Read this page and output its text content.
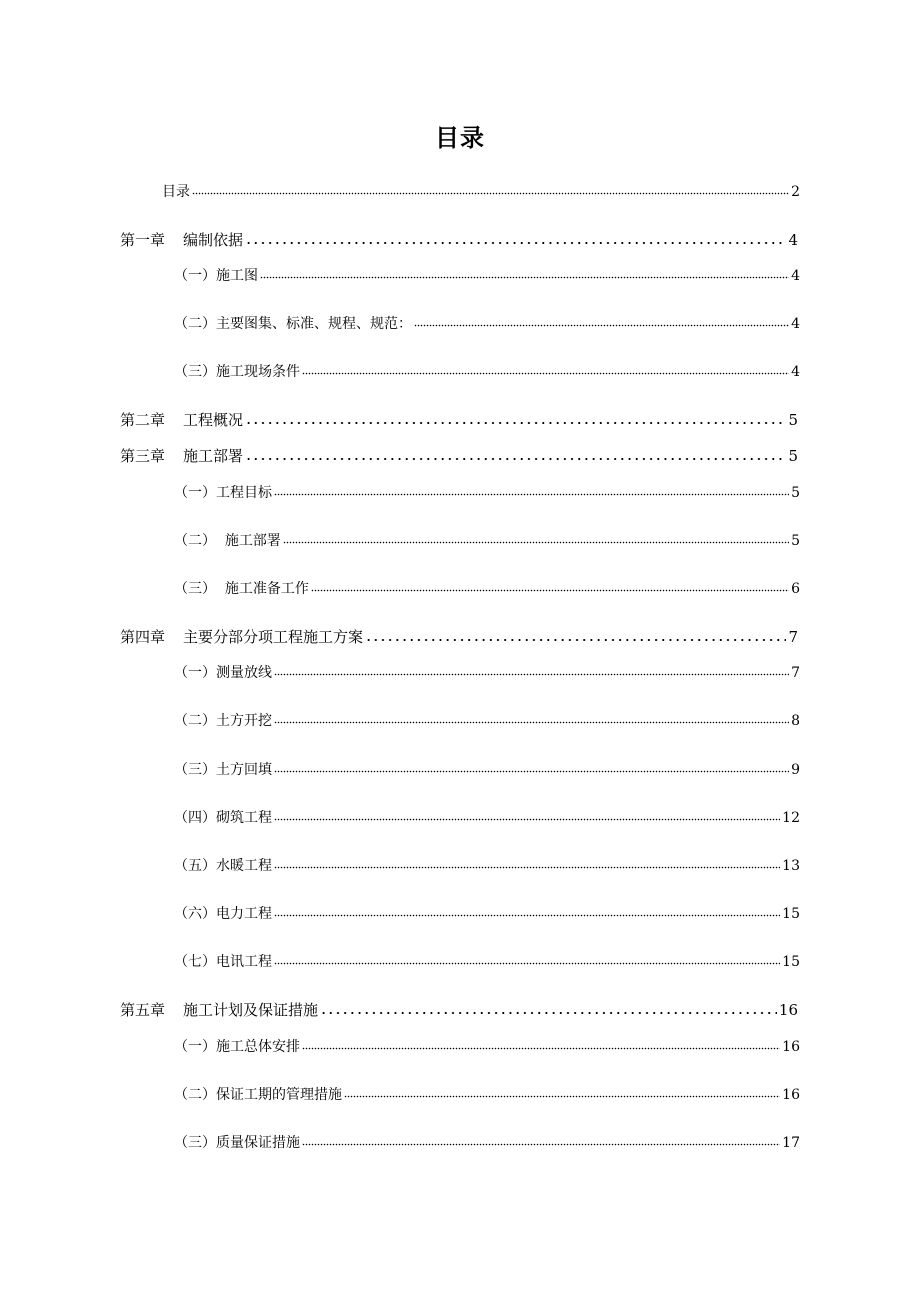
目录
目录	2
第一章 编制依据	4
（一）施工图	4
（二）主要图集、标准、规程、规范：	4
（三）施工现场条件	4
第二章 工程概况	5
第三章 施工部署	5
（一）工程目标	5
（二）  施工部署	5
（三）  施工准备工作	6
第四章 主要分部分项工程施工方案	7
（一）测量放线	7
（二）土方开挖	8
（三）土方回填	9
（四）砌筑工程	12
（五）水暖工程	13
（六）电力工程	15
（七）电讯工程	15
第五章 施工计划及保证措施	16
（一）施工总体安排	16
（二）保证工期的管理措施	16
（三）质量保证措施	17
